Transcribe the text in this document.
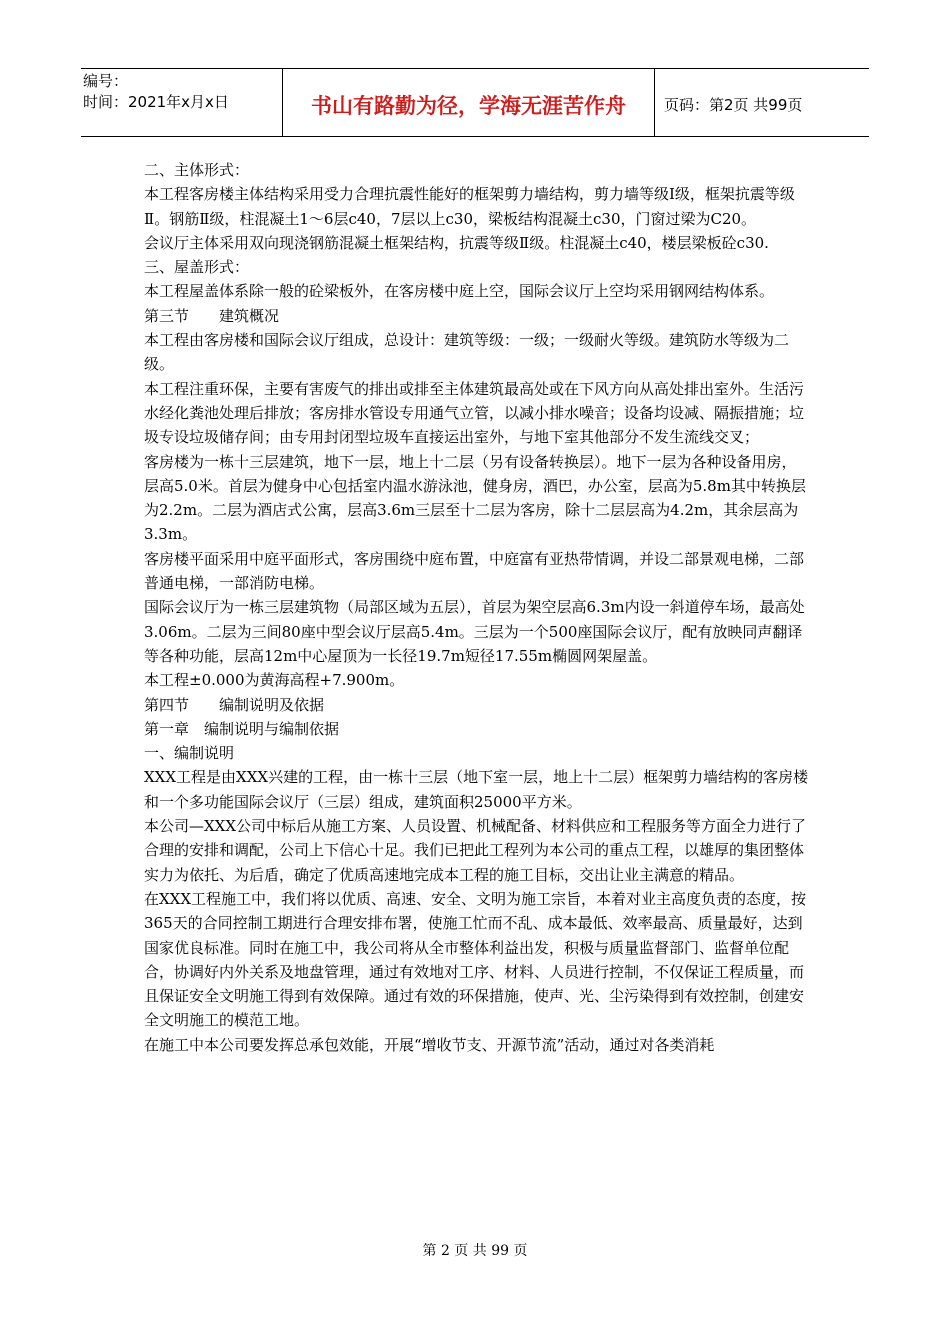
编号：
时间：2021年x月x日	书山有路勤为径，学海无涯苦作舟	页码：第2页 共99页

二、主体形式：

本工程客房楼主体结构采用受力合理抗震性能好的框架剪力墙结构，剪力墙等级Ⅰ级，框架抗震等级Ⅱ。钢筋Ⅱ级，柱混凝土1～6层c40，7层以上c30，梁板结构混凝土c30，门窗过梁为C20。

会议厅主体采用双向现浇钢筋混凝土框架结构，抗震等级Ⅱ级。柱混凝土c40，楼层梁板砼c30.

三、屋盖形式：

本工程屋盖体系除一般的砼梁板外，在客房楼中庭上空，国际会议厅上空均采用钢网结构体系。

第三节　　建筑概况

本工程由客房楼和国际会议厅组成，总设计：建筑等级：一级；一级耐火等级。建筑防水等级为二级。

本工程注重环保，主要有害废气的排出或排至主体建筑最高处或在下风方向从高处排出室外。生活污水经化粪池处理后排放；客房排水管设专用通气立管，以减小排水噪音；设备均设减、隔振措施；垃圾专设垃圾储存间；由专用封闭型垃圾车直接运出室外，与地下室其他部分不发生流线交叉；

客房楼为一栋十三层建筑，地下一层，地上十二层（另有设备转换层）。地下一层为各种设备用房，层高5.0米。首层为健身中心包括室内温水游泳池，健身房，酒巴，办公室，层高为5.8m其中转换层为2.2m。二层为酒店式公寓，层高3.6m三层至十二层为客房，除十二层层高为4.2m，其余层高为3.3m。

客房楼平面采用中庭平面形式，客房围绕中庭布置，中庭富有亚热带情调，并设二部景观电梯，二部普通电梯，一部消防电梯。

国际会议厅为一栋三层建筑物（局部区域为五层），首层为架空层高6.3m内设一斜道停车场，最高处3.06m。二层为三间80座中型会议厅层高5.4m。三层为一个500座国际会议厅，配有放映同声翻译等各种功能，层高12m中心屋顶为一长径19.7m短径17.55m椭圆网架屋盖。

本工程±0.000为黄海高程+7.900m。

第四节　　编制说明及依据

第一章　编制说明与编制依据

一、编制说明

XXX工程是由XXX兴建的工程，由一栋十三层（地下室一层，地上十二层）框架剪力墙结构的客房楼和一个多功能国际会议厅（三层）组成，建筑面积25000平方米。

本公司—XXX公司中标后从施工方案、人员设置、机械配备、材料供应和工程服务等方面全力进行了合理的安排和调配，公司上下信心十足。我们已把此工程列为本公司的重点工程，以雄厚的集团整体实力为依托、为后盾，确定了优质高速地完成本工程的施工目标，交出让业主满意的精品。

在XXX工程施工中，我们将以优质、高速、安全、文明为施工宗旨，本着对业主高度负责的态度，按365天的合同控制工期进行合理安排布署，使施工忙而不乱、成本最低、效率最高、质量最好，达到国家优良标准。同时在施工中，我公司将从全市整体利益出发，积极与质量监督部门、监督单位配合，协调好内外关系及地盘管理，通过有效地对工序、材料、人员进行控制，不仅保证工程质量，而且保证安全文明施工得到有效保障。通过有效的环保措施，使声、光、尘污染得到有效控制，创建安全文明施工的模范工地。

在施工中本公司要发挥总承包效能，开展“增收节支、开源节流”活动，通过对各类消耗

第 2 页 共 99 页
